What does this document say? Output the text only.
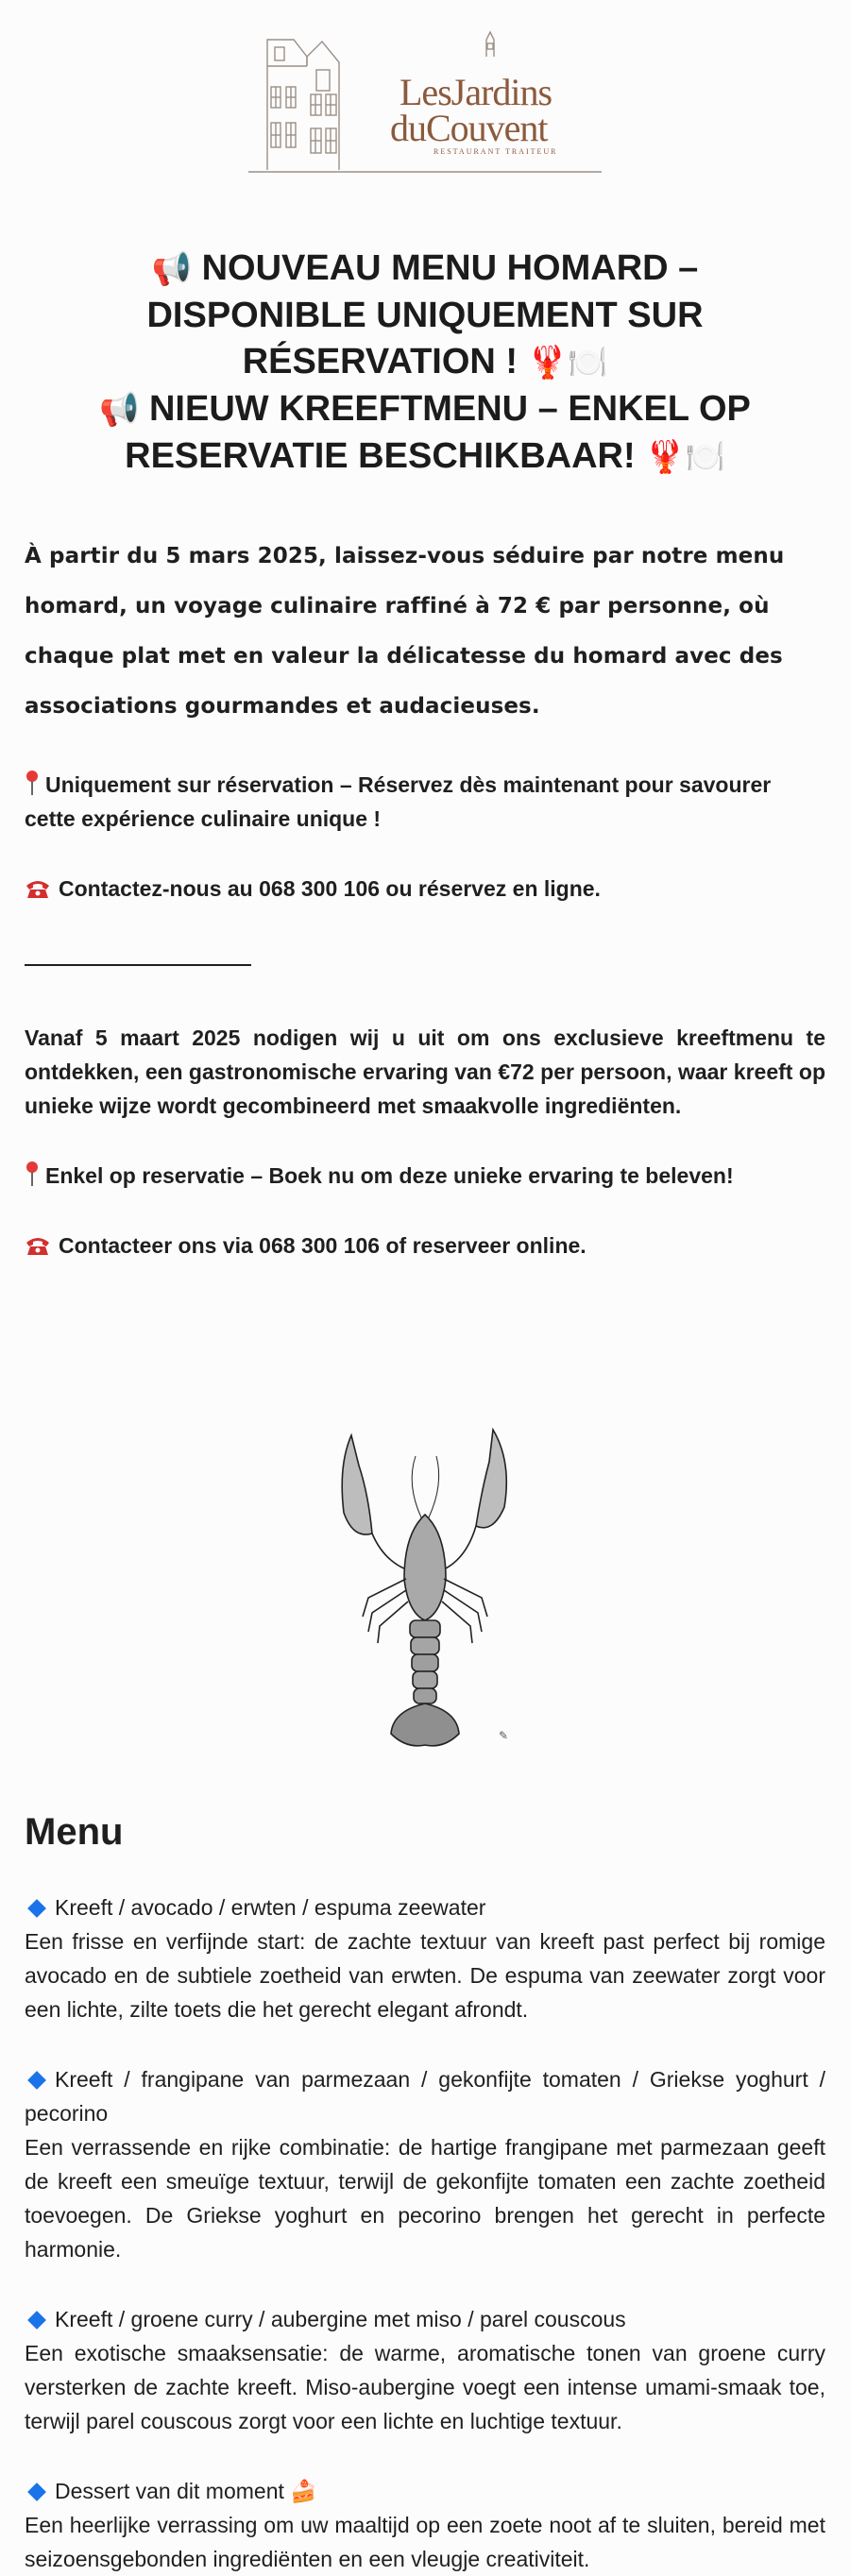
LesJardins
duCouvent
RESTAURANT TRAITEUR
📢 NOUVEAU MENU HOMARD – DISPONIBLE UNIQUEMENT SUR RÉSERVATION ! 🦞🍽️
📢 NIEUW KREEFTMENU – ENKEL OP RESERVATIE BESCHIKBAAR! 🦞🍽️
À partir du 5 mars 2025, laissez-vous séduire par notre menu homard, un voyage culinaire raffiné à 72 € par personne, où chaque plat met en valeur la délicatesse du homard avec des associations gourmandes et audacieuses.
Uniquement sur réservation – Réservez dès maintenant pour savourer cette expérience culinaire unique !
Contactez-nous au 068 300 106 ou réservez en ligne.
Vanaf 5 maart 2025 nodigen wij u uit om ons exclusieve kreeftmenu te ontdekken, een gastronomische ervaring van €72 per persoon, waar kreeft op unieke wijze wordt gecombineerd met smaakvolle ingrediënten.
Enkel op reservatie – Boek nu om deze unieke ervaring te beleven!
Contacteer ons via 068 300 106 of reserveer online.
✎
Menu
Kreeft / avocado / erwten / espuma zeewater
Een frisse en verfijnde start: de zachte textuur van kreeft past perfect bij romige avocado en de subtiele zoetheid van erwten. De espuma van zeewater zorgt voor een lichte, zilte toets die het gerecht elegant afrondt.
Kreeft / frangipane van parmezaan / gekonfijte tomaten / Griekse yoghurt / pecorino
Een verrassende en rijke combinatie: de hartige frangipane met parmezaan geeft de kreeft een smeuïge textuur, terwijl de gekonfijte tomaten een zachte zoetheid toevoegen. De Griekse yoghurt en pecorino brengen het gerecht in perfecte harmonie.
Kreeft / groene curry / aubergine met miso / parel couscous
Een exotische smaaksensatie: de warme, aromatische tonen van groene curry versterken de zachte kreeft. Miso-aubergine voegt een intense umami-smaak toe, terwijl parel couscous zorgt voor een lichte en luchtige textuur.
Dessert van dit moment 🍰
Een heerlijke verrassing om uw maaltijd op een zoete noot af te sluiten, bereid met seizoensgebonden ingrediënten en een vleugje creativiteit.
